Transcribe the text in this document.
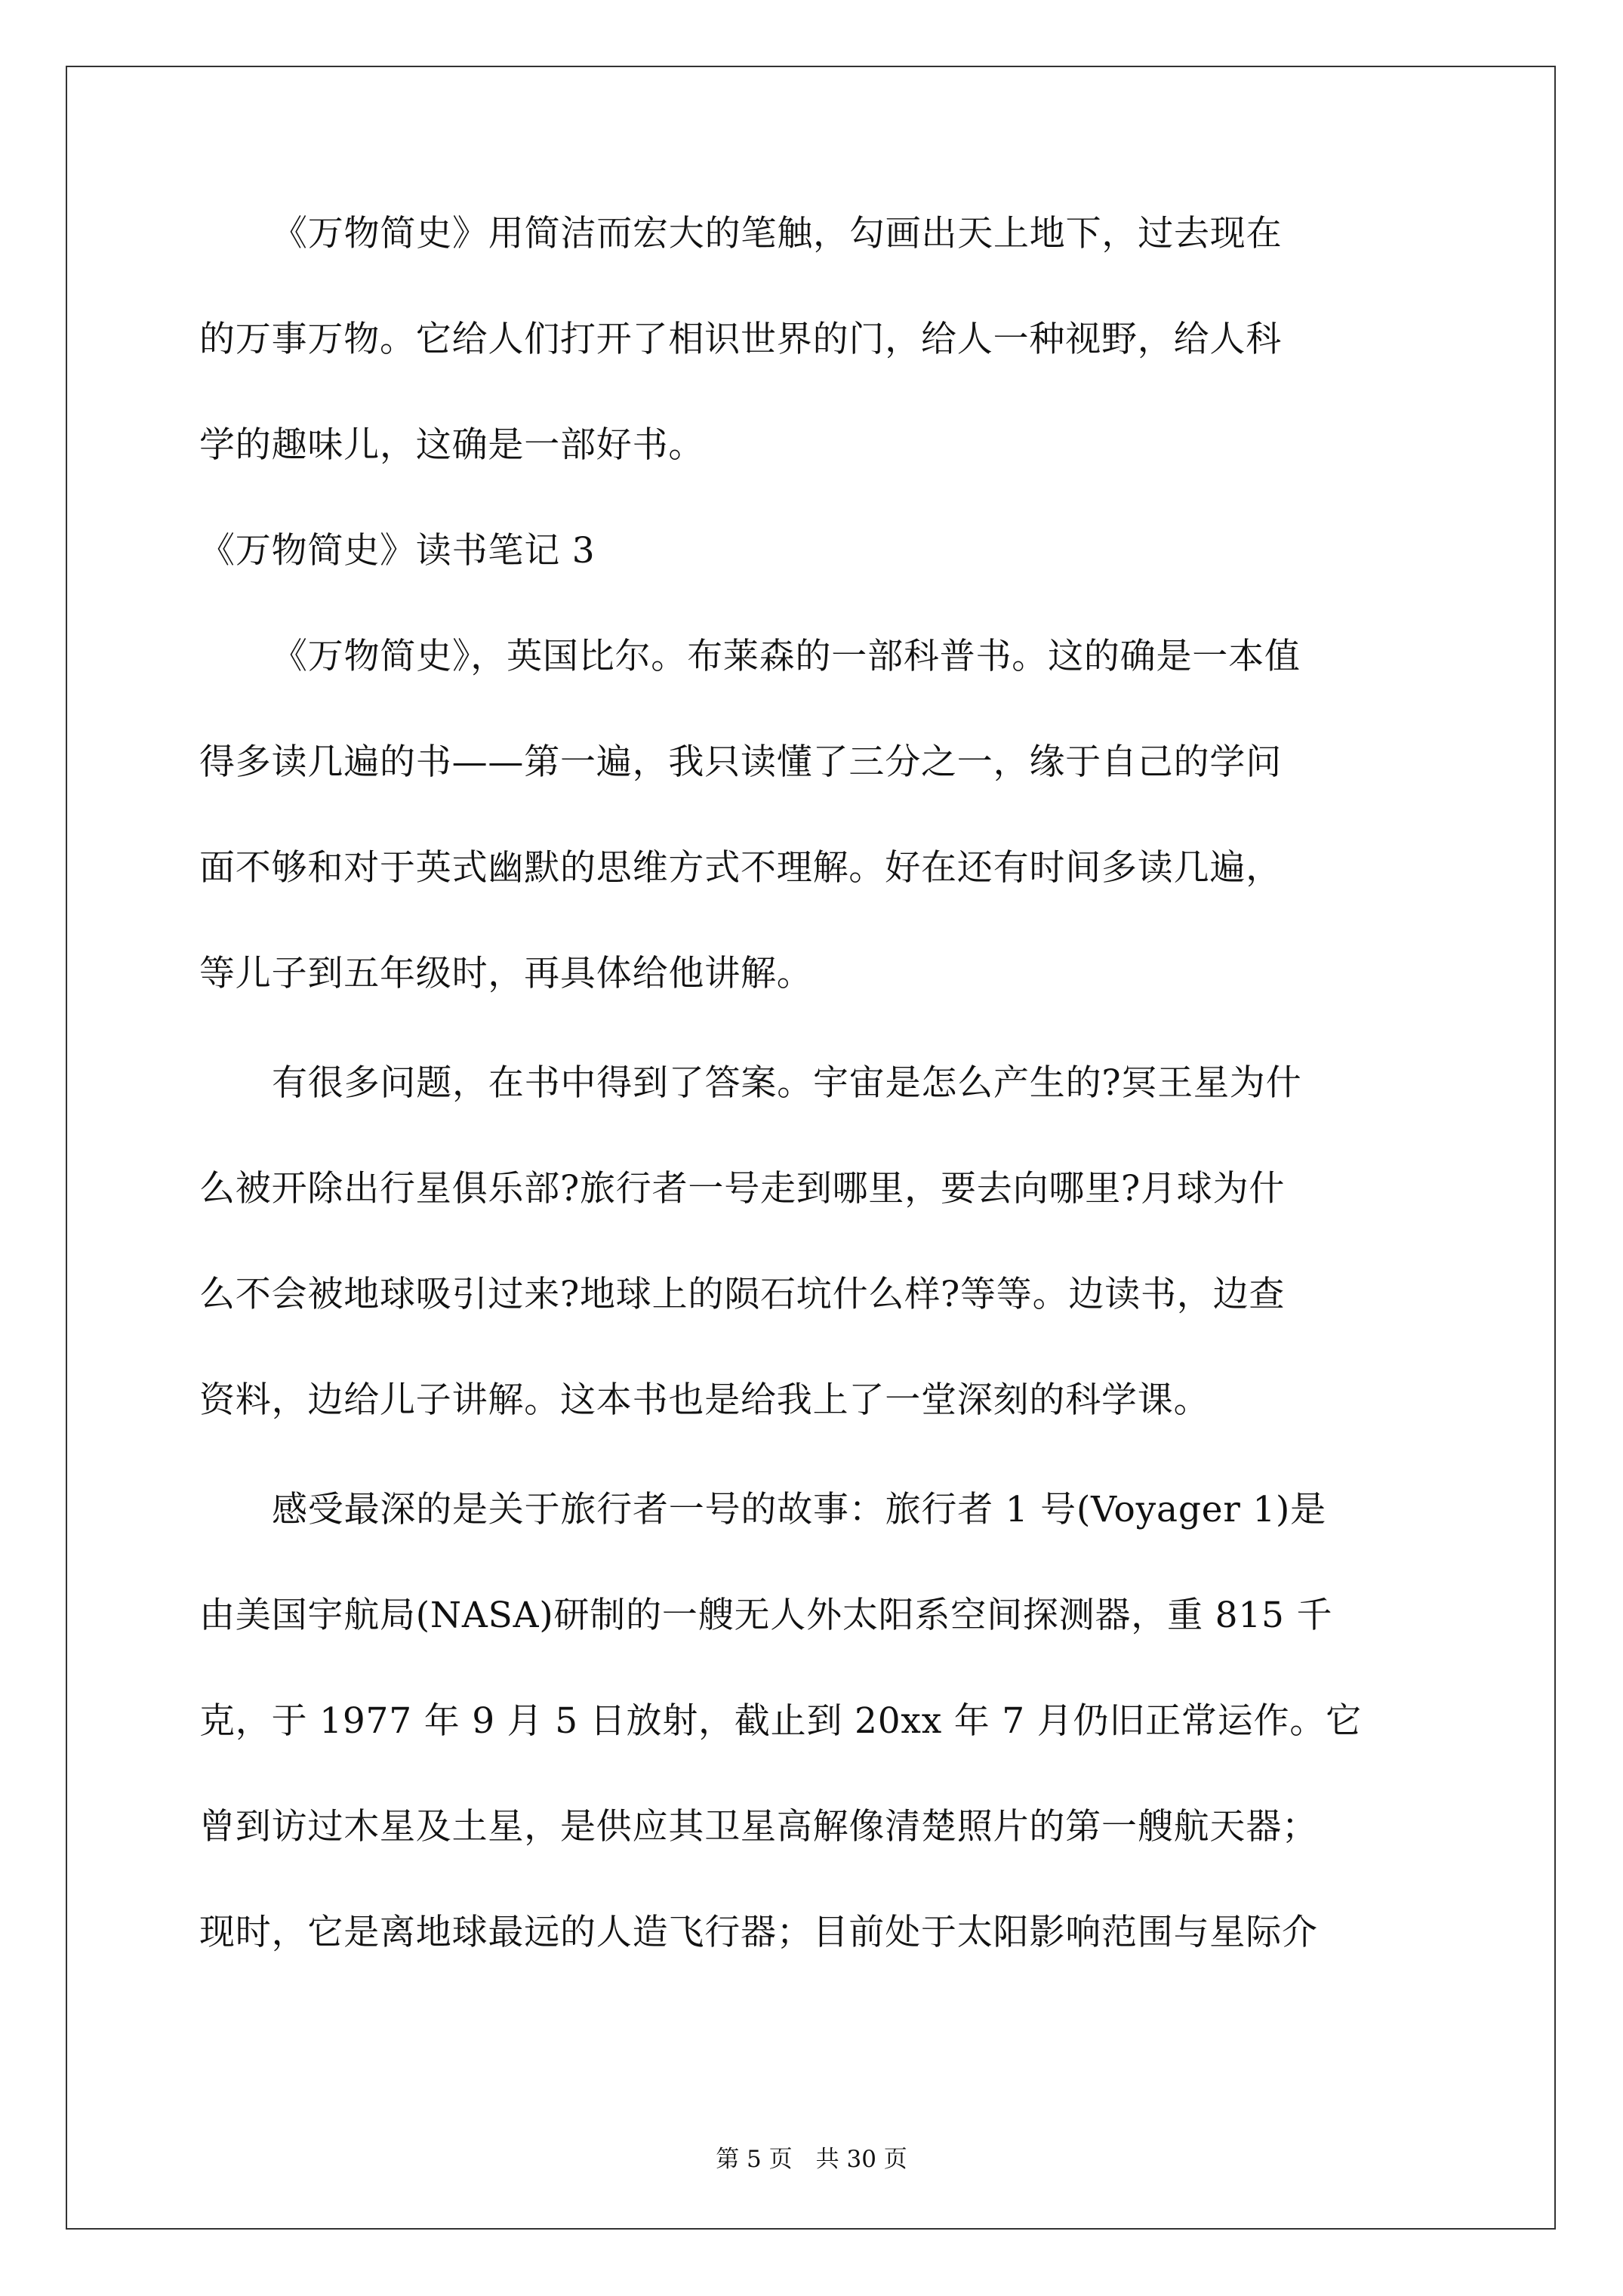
《万物简史》用简洁而宏大的笔触，勾画出天上地下，过去现在
的万事万物。它给人们打开了相识世界的门，给人一种视野，给人科
学的趣味儿，这确是一部好书。
《万物简史》读书笔记 3
《万物简史》，英国比尔。布莱森的一部科普书。这的确是一本值
得多读几遍的书——第一遍，我只读懂了三分之一，缘于自己的学问
面不够和对于英式幽默的思维方式不理解。好在还有时间多读几遍，
等儿子到五年级时，再具体给他讲解。
有很多问题，在书中得到了答案。宇宙是怎么产生的?冥王星为什
么被开除出行星俱乐部?旅行者一号走到哪里，要去向哪里?月球为什
么不会被地球吸引过来?地球上的陨石坑什么样?等等。边读书，边查
资料，边给儿子讲解。这本书也是给我上了一堂深刻的科学课。
感受最深的是关于旅行者一号的故事：旅行者 1 号(Voyager 1)是
由美国宇航局(NASA)研制的一艘无人外太阳系空间探测器，重 815 千
克，于 1977 年 9 月 5 日放射，截止到 20xx 年 7 月仍旧正常运作。它
曾到访过木星及土星，是供应其卫星高解像清楚照片的第一艘航天器；
现时，它是离地球最远的人造飞行器；目前处于太阳影响范围与星际介
第 5 页　共 30 页
